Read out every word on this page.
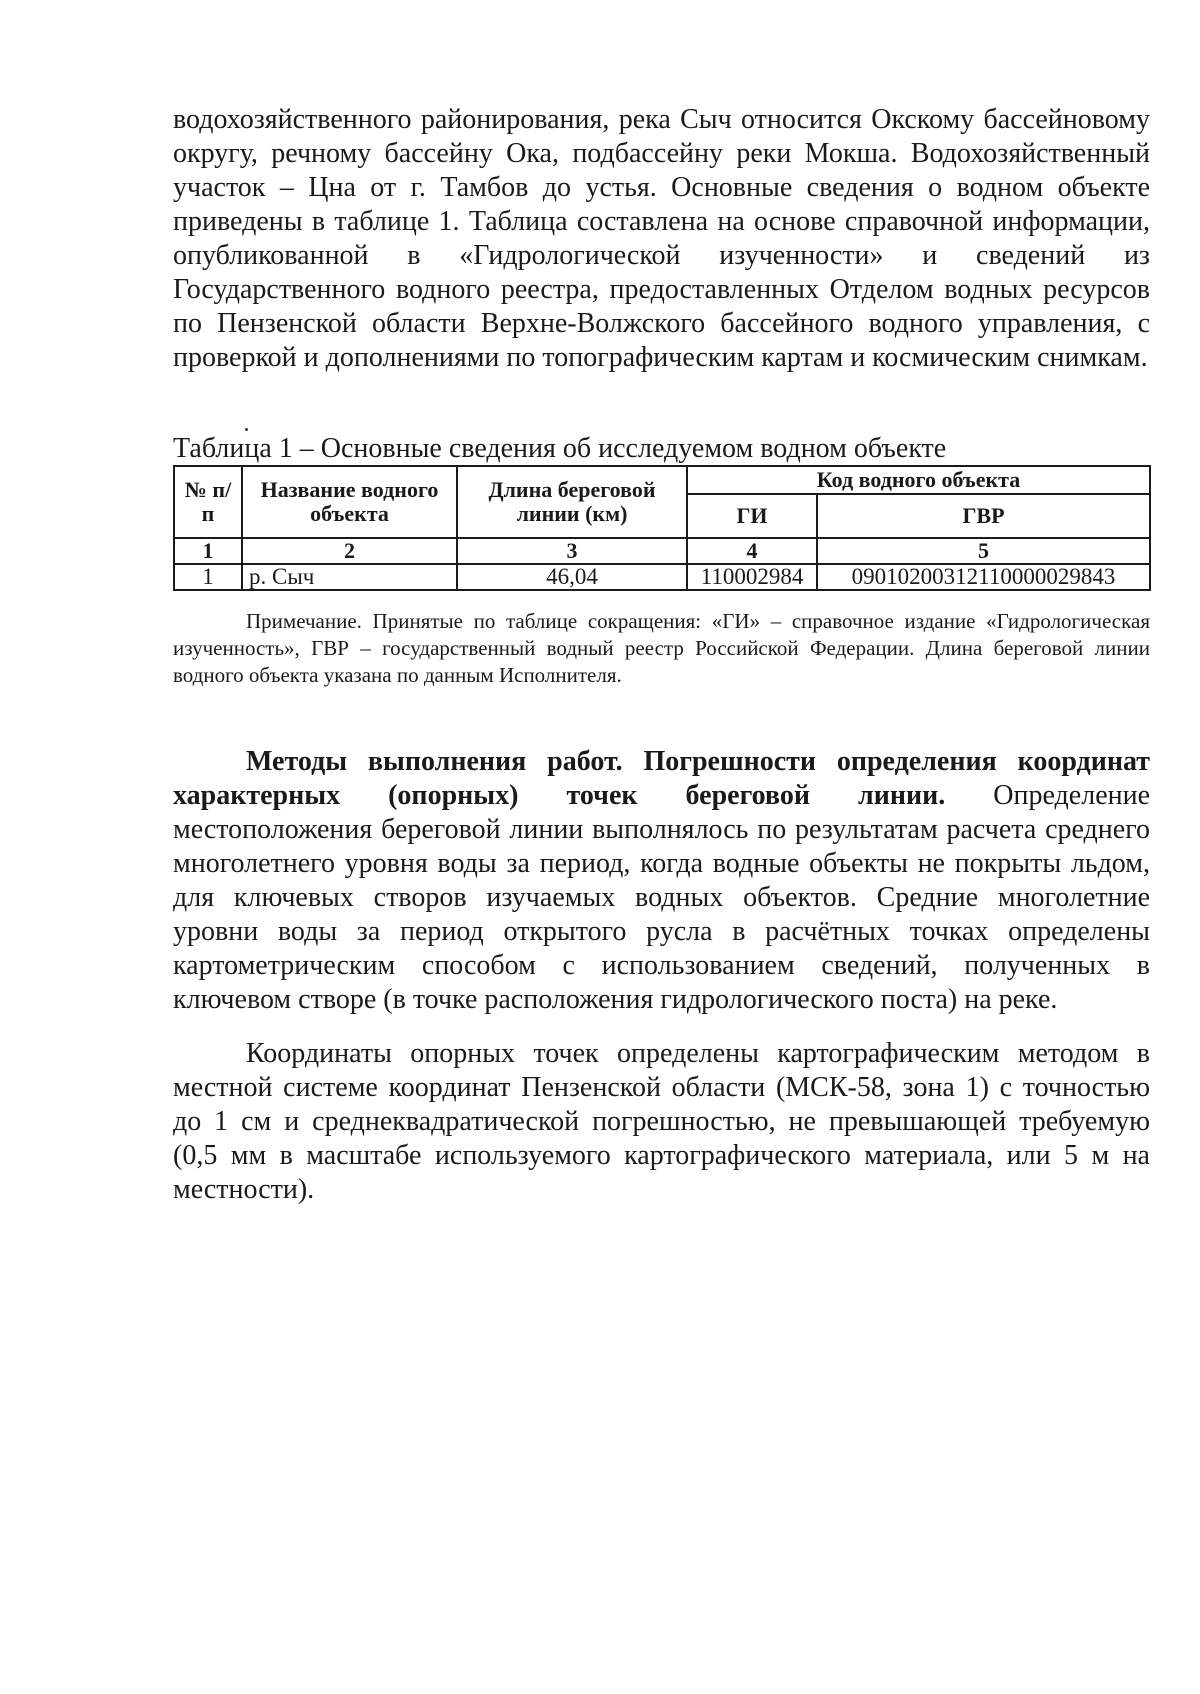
водохозяйственного районирования, река Сыч относится Окскому бассейновому округу, речному бассейну Ока, подбассейну реки Мокша. Водохозяйственный участок – Цна от г. Тамбов до устья. Основные сведения о водном объекте приведены в таблице 1. Таблица составлена на основе справочной информации, опубликованной в «Гидрологической изученности» и сведений из Государственного водного реестра, предоставленных Отделом водных ресурсов по Пензенской области Верхне-Волжского бассейного водного управления, с проверкой и дополнениями по топографическим картам и космическим снимкам.

Таблица 1 – Основные сведения об исследуемом водном объекте

№ п/п	Название водного объекта	Длина береговой линии (км)	Код водного объекта	
			ГИ	ГВР
1	2	3	4	5
1	р. Сыч	46,04	110002984	09010200312110000029843

Примечание. Принятые по таблице сокращения: «ГИ» – справочное издание «Гидрологическая изученность», ГВР – государственный водный реестр Российской Федерации. Длина береговой линии водного объекта указана по данным Исполнителя.

Методы выполнения работ. Погрешности определения координат характерных (опорных) точек береговой линии. Определение местоположения береговой линии выполнялось по результатам расчета среднего многолетнего уровня воды за период, когда водные объекты не покрыты льдом, для ключевых створов изучаемых водных объектов. Средние многолетние уровни воды за период открытого русла в расчётных точках определены картометрическим способом с использованием сведений, полученных в ключевом створе (в точке расположения гидрологического поста) на реке.

Координаты опорных точек определены картографическим методом в местной системе координат Пензенской области (МСК-58, зона 1) с точностью до 1 см и среднеквадратической погрешностью, не превышающей требуемую (0,5 мм в масштабе используемого картографического материала, или 5 м на местности).
